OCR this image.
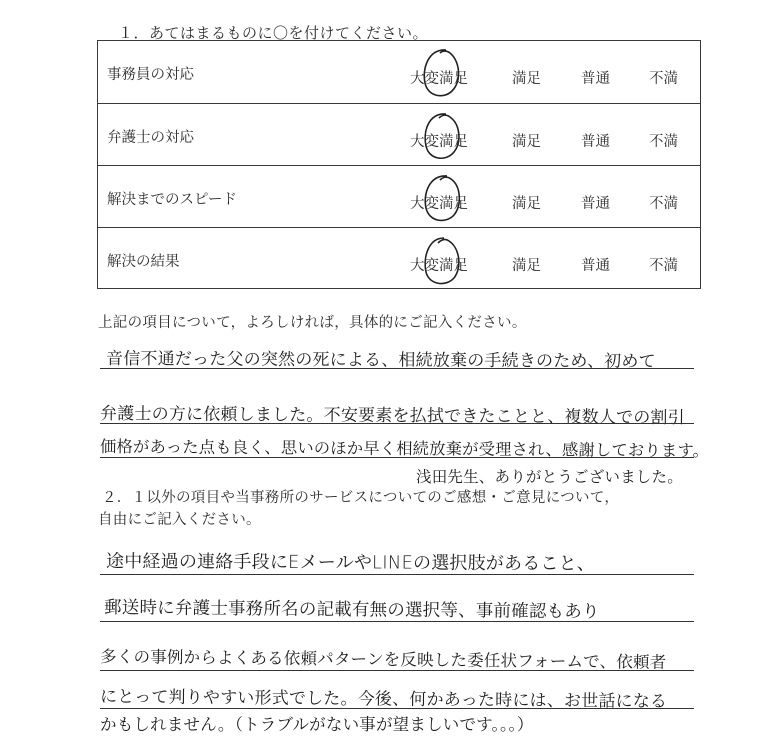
１．あてはまるものに〇を付けてください。
事務員の対応	大変満足	満足	普通	不満
弁護士の対応	大変満足	満足	普通	不満
解決までのスピード	大変満足	満足	普通	不満
解決の結果	大変満足	満足	普通	不満
上記の項目について，よろしければ，具体的にご記入ください。
音信不通だった父の突然の死による、相続放棄の手続きのため、初めて
弁護士の方に依頼しました。不安要素を払拭できたことと、複数人での割引
価格があった点も良く、思いのほか早く相続放棄が受理され、感謝しております。
浅田先生、ありがとうございました。
２．１以外の項目や当事務所のサービスについてのご感想・ご意見について，
自由にご記入ください。
途中経過の連絡手段にEメールやLINEの選択肢があること、
郵送時に弁護士事務所名の記載有無の選択等、事前確認もあり
多くの事例からよくある依頼パターンを反映した委任状フォームで、依頼者
にとって判りやすい形式でした。今後、何かあった時には、お世話になる
かもしれません。（トラブルがない事が望ましいです。。。）
